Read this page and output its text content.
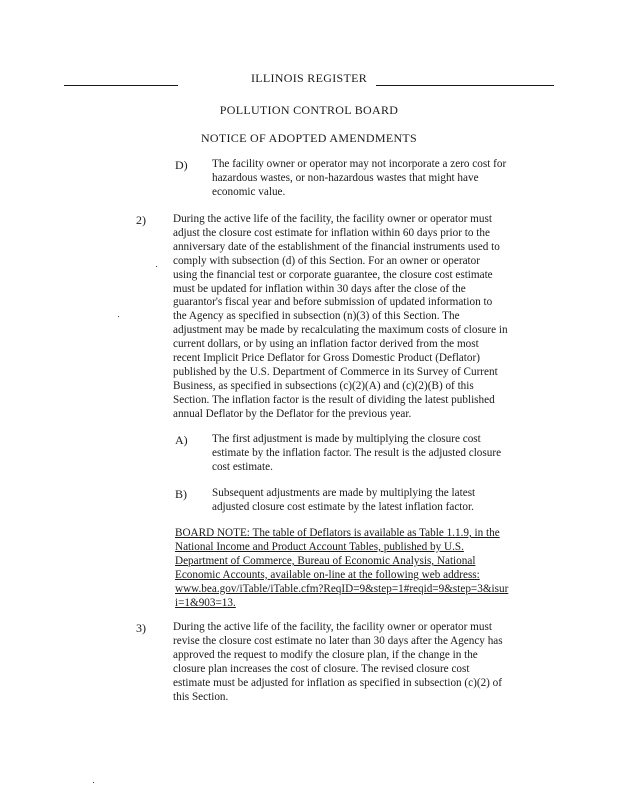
ILLINOIS REGISTER
POLLUTION CONTROL BOARD
NOTICE OF ADOPTED AMENDMENTS
D) The facility owner or operator may not incorporate a zero cost for
hazardous wastes, or non-hazardous wastes that might have
economic value.
2) During the active life of the facility, the facility owner or operator must
adjust the closure cost estimate for inflation within 60 days prior to the
anniversary date of the establishment of the financial instruments used to
comply with subsection (d) of this Section. For an owner or operator
using the financial test or corporate guarantee, the closure cost estimate
must be updated for inflation within 30 days after the close of the
guarantor's fiscal year and before submission of updated information to
the Agency as specified in subsection (n)(3) of this Section. The
adjustment may be made by recalculating the maximum costs of closure in
current dollars, or by using an inflation factor derived from the most
recent Implicit Price Deflator for Gross Domestic Product (Deflator)
published by the U.S. Department of Commerce in its Survey of Current
Business, as specified in subsections (c)(2)(A) and (c)(2)(B) of this
Section. The inflation factor is the result of dividing the latest published
annual Deflator by the Deflator for the previous year.
A) The first adjustment is made by multiplying the closure cost
estimate by the inflation factor. The result is the adjusted closure
cost estimate.
B) Subsequent adjustments are made by multiplying the latest
adjusted closure cost estimate by the latest inflation factor.
BOARD NOTE: The table of Deflators is available as Table 1.1.9, in the
National Income and Product Account Tables, published by U.S.
Department of Commerce, Bureau of Economic Analysis, National
Economic Accounts, available on-line at the following web address:
www.bea.gov/iTable/iTable.cfm?ReqID=9&step=1#reqid=9&step=3&isur
i=1&903=13.
3) During the active life of the facility, the facility owner or operator must
revise the closure cost estimate no later than 30 days after the Agency has
approved the request to modify the closure plan, if the change in the
closure plan increases the cost of closure. The revised closure cost
estimate must be adjusted for inflation as specified in subsection (c)(2) of
this Section.
